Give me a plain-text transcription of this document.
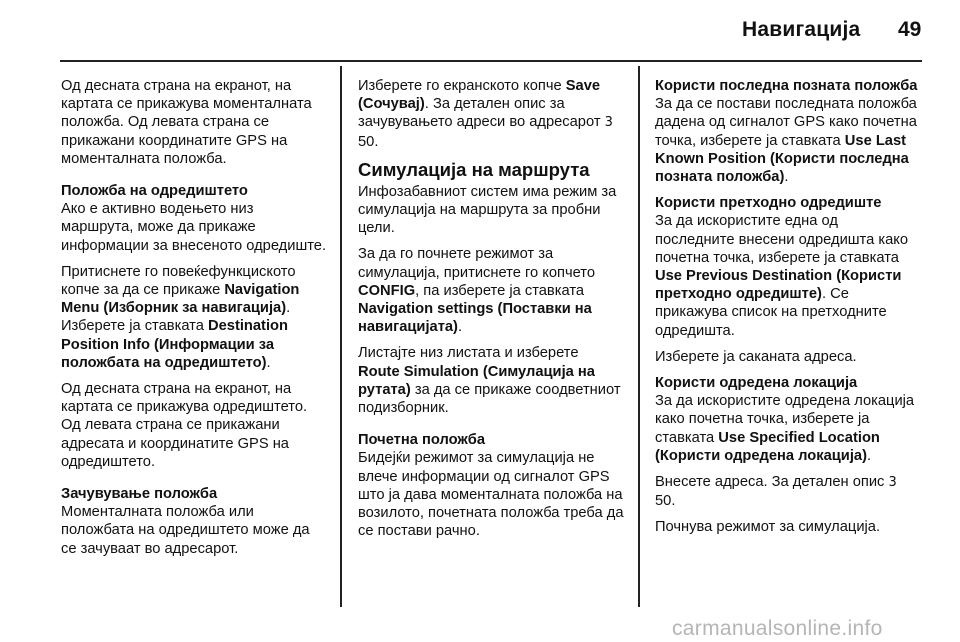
Навигација 49

Од десната страна на екранот, на картата се прикажува моменталната положба. Од левата страна се прикажани координатите GPS на моменталната положба.

Положба на одредиштето

Ако е активно водењето низ маршрута, може да прикаже информации за внесеното одредиште.

Притиснете го повеќефункциското копче за да се прикаже Navigation Menu (Изборник за навигација). Изберете ја ставката Destination Position Info (Информации за положбата на одредиштето).

Од десната страна на екранот, на картата се прикажува одредиштето. Од левата страна се прикажани адресата и координатите GPS на одредиштето.

Зачувување положба

Моменталната положба или положбата на одредиштето може да се зачуваат во адресарот.

Изберете го екранското копче Save (Сочувај). За деталeн опис за зачувувањето адреси во адресарот 3 50.

Симулација на маршрута

Инфозабавниот систем има режим за симулација на маршрута за пробни цели.

За да го почнете режимот за симулација, притиснете го копчето CONFIG, па изберете ја ставката Navigation settings (Поставки на навигацијата).

Листајте низ листата и изберете Route Simulation (Симулација на рутата) за да се прикаже соодветниот подизборник.

Почетна положба

Бидејќи режимот за симулација не влече информации од сигналот GPS што ја дава моменталната положба на возилото, почетната положба треба да се постави рачно.

Користи последна позната положба

За да се постави последната положба дадена од сигналот GPS како почетна точка, изберете ја ставката Use Last Known Position (Користи последна позната положба).

Користи претходно одредиште

За да искористите една од последните внесени одредишта како почетна точка, изберете ја ставката Use Previous Destination (Користи претходно одредиште). Се прикажува список на претходните одредишта.

Изберете ја саканата адреса.

Користи одредена локација

За да искористите одредена локација како почетна точка, изберете ја ставката Use Specified Location (Користи одредена локација).

Внесете адреса. За детален опис 3 50.

Почнува режимот за симулација.

carmanualsonline.info
